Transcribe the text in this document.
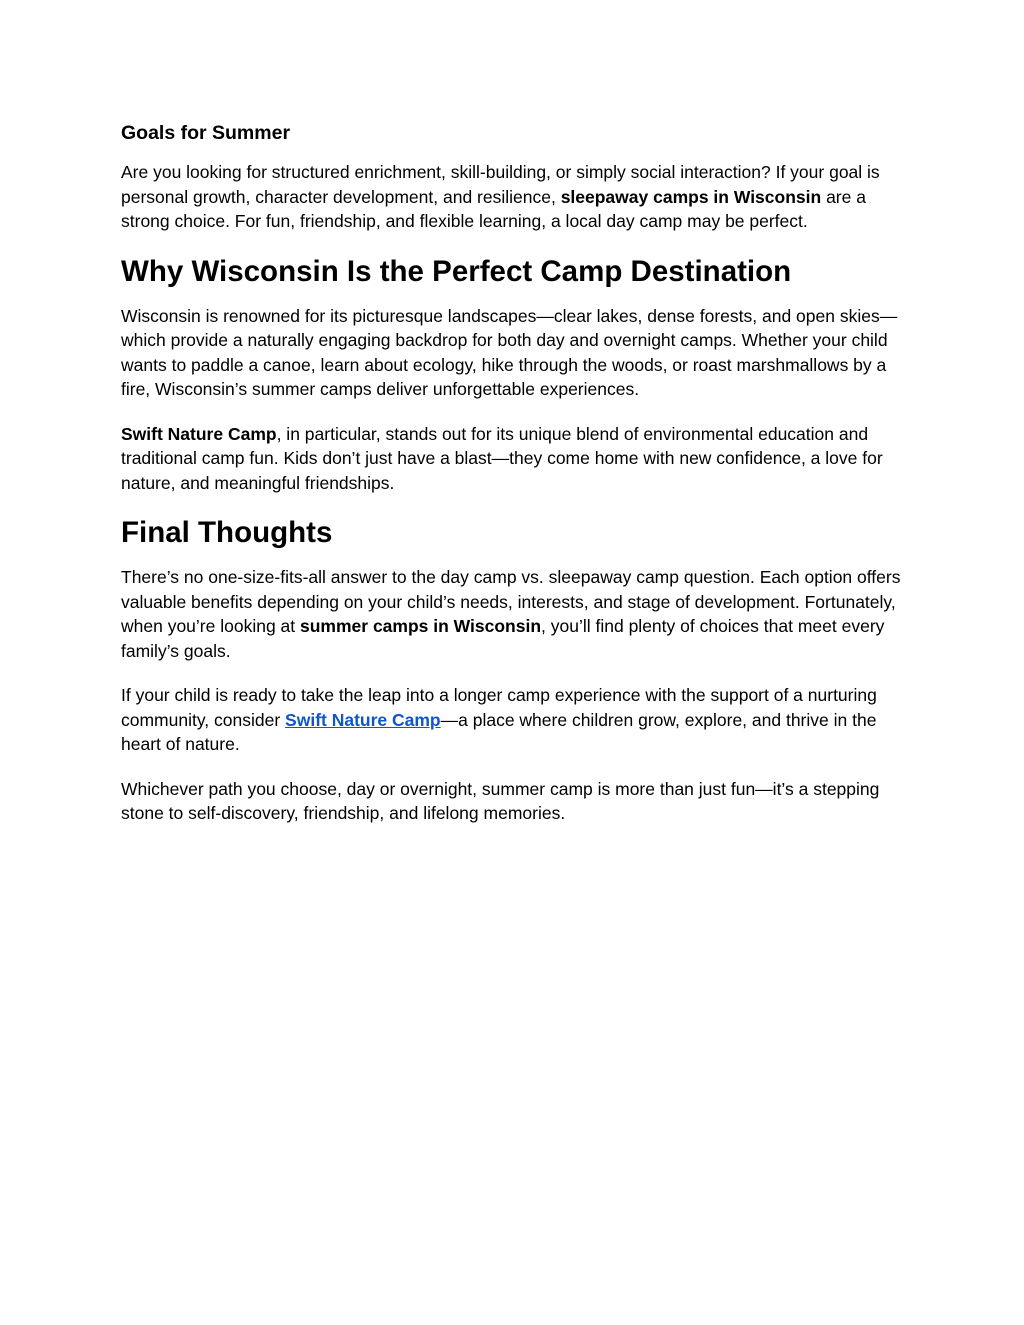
Goals for Summer

Are you looking for structured enrichment, skill-building, or simply social interaction? If your goal is personal growth, character development, and resilience, sleepaway camps in Wisconsin are a strong choice. For fun, friendship, and flexible learning, a local day camp may be perfect.

Why Wisconsin Is the Perfect Camp Destination

Wisconsin is renowned for its picturesque landscapes—clear lakes, dense forests, and open skies—which provide a naturally engaging backdrop for both day and overnight camps. Whether your child wants to paddle a canoe, learn about ecology, hike through the woods, or roast marshmallows by a fire, Wisconsin’s summer camps deliver unforgettable experiences.

Swift Nature Camp, in particular, stands out for its unique blend of environmental education and traditional camp fun. Kids don’t just have a blast—they come home with new confidence, a love for nature, and meaningful friendships.

Final Thoughts

There’s no one-size-fits-all answer to the day camp vs. sleepaway camp question. Each option offers valuable benefits depending on your child’s needs, interests, and stage of development. Fortunately, when you’re looking at summer camps in Wisconsin, you’ll find plenty of choices that meet every family’s goals.

If your child is ready to take the leap into a longer camp experience with the support of a nurturing community, consider Swift Nature Camp—a place where children grow, explore, and thrive in the heart of nature.

Whichever path you choose, day or overnight, summer camp is more than just fun—it’s a stepping stone to self-discovery, friendship, and lifelong memories.
